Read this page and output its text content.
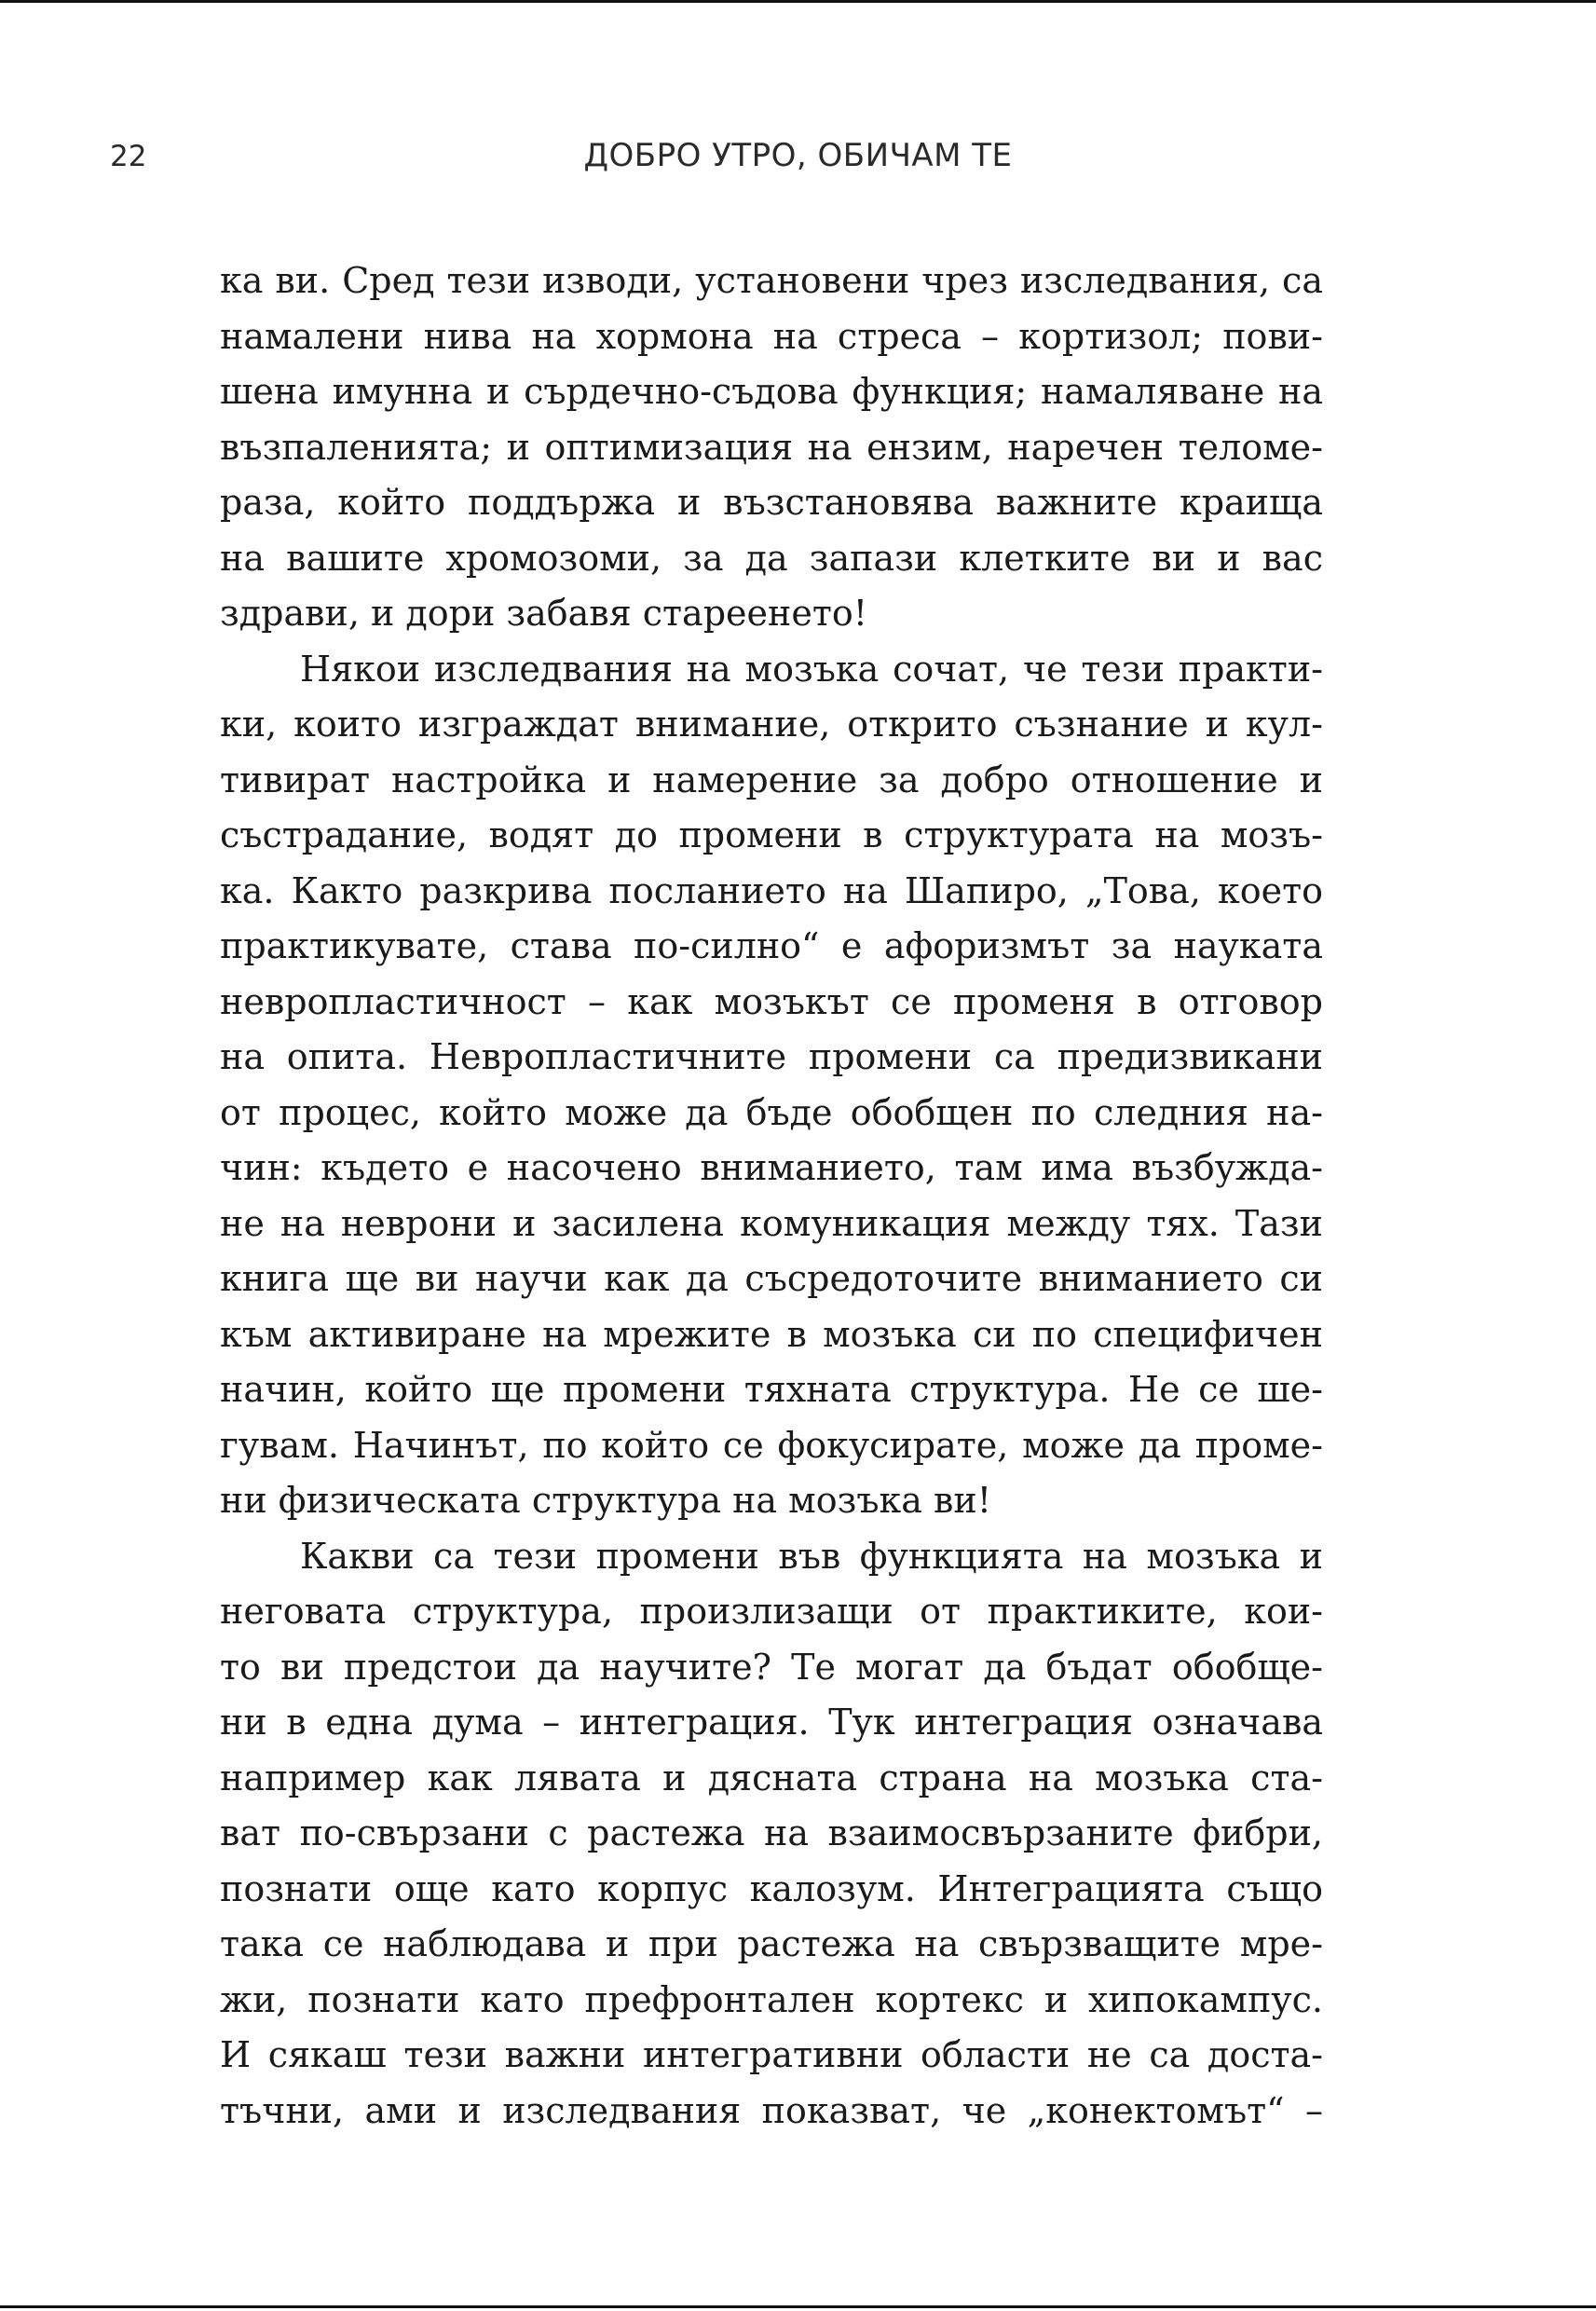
22	ДОБРО УТРО, ОБИЧАМ ТЕ
ка ви. Сред тези изводи, установени чрез изследвания, са
намалени нива на хормона на стреса – кортизол; пови-
шена имунна и сърдечно-съдова функция; намаляване на
възпаленията; и оптимизация на ензим, наречен теломе-
раза, който поддържа и възстановява важните краища
на вашите хромозоми, за да запази клетките ви и вас
здрави, и дори забавя стареенето!
Някои изследвания на мозъка сочат, че тези практи-
ки, които изграждат внимание, открито съзнание и кул-
тивират настройка и намерение за добро отношение и
състрадание, водят до промени в структурата на мозъ-
ка. Както разкрива посланието на Шапиро, „Това, което
практикувате, става по-силно“ е афоризмът за науката
невропластичност – как мозъкът се променя в отговор
на опита. Невропластичните промени са предизвикани
от процес, който може да бъде обобщен по следния на-
чин: където е насочено вниманието, там има възбужда-
не на неврони и засилена комуникация между тях. Тази
книга ще ви научи как да съсредоточите вниманието си
към активиране на мрежите в мозъка си по специфичен
начин, който ще промени тяхната структура. Не се ше-
гувам. Начинът, по който се фокусирате, може да проме-
ни физическата структура на мозъка ви!
Какви са тези промени във функцията на мозъка и
неговата структура, произлизащи от практиките, кои-
то ви предстои да научите? Те могат да бъдат обобще-
ни в една дума – интеграция. Тук интеграция означава
например как лявата и дясната страна на мозъка ста-
ват по-свързани с растежа на взаимосвързаните фибри,
познати още като корпус калозум. Интеграцията също
така се наблюдава и при растежа на свързващите мре-
жи, познати като префронтален кортекс и хипокампус.
И сякаш тези важни интегративни области не са доста-
тъчни, ами и изследвания показват, че „конектомът“ –
